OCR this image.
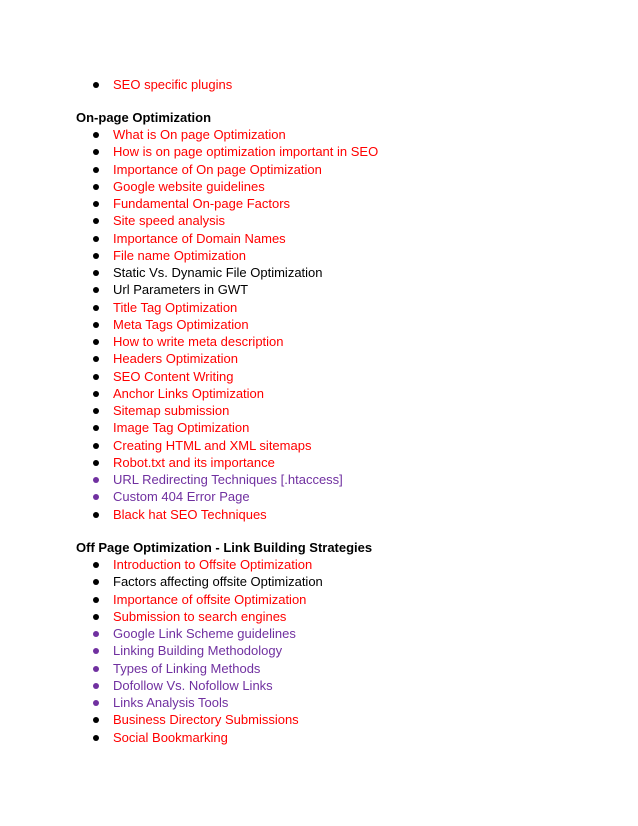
SEO specific plugins
On-page Optimization
What is On page Optimization
How is on page optimization important in SEO
Importance of On page Optimization
Google website guidelines
Fundamental On-page Factors
Site speed analysis
Importance of Domain Names
File name Optimization
Static Vs. Dynamic File Optimization
Url Parameters in GWT
Title Tag Optimization
Meta Tags Optimization
How to write meta description
Headers Optimization
SEO Content Writing
Anchor Links Optimization
Sitemap submission
Image Tag Optimization
Creating HTML and XML sitemaps
Robot.txt and its importance
URL Redirecting Techniques [.htaccess]
Custom 404 Error Page
Black hat SEO Techniques
Off Page Optimization - Link Building Strategies
Introduction to Offsite Optimization
Factors affecting offsite Optimization
Importance of offsite Optimization
Submission to search engines
Google Link Scheme guidelines
Linking Building Methodology
Types of Linking Methods
Dofollow Vs. Nofollow Links
Links Analysis Tools
Business Directory Submissions
Social Bookmarking
